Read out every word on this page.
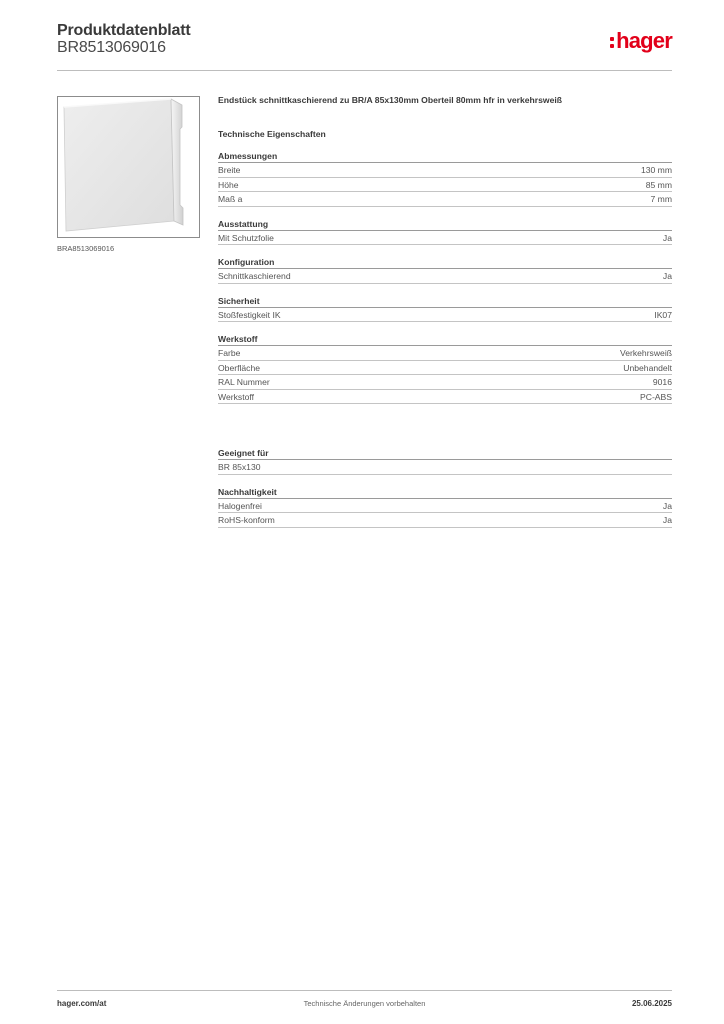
Produktdatenblatt
BR8513069016	hager
BRA8513069016
Endstück schnittkaschierend zu BR/A 85x130mm Oberteil 80mm hfr in verkehrsweiß
Technische Eigenschaften
Abmessungen
Breite	130 mm
Höhe	85 mm
Maß a	7 mm
Ausstattung
Mit Schutzfolie	Ja
Konfiguration
Schnittkaschierend	Ja
Sicherheit
Stoßfestigkeit IK	IK07
Werkstoff
Farbe	Verkehrsweiß
Oberfläche	Unbehandelt
RAL Nummer	9016
Werkstoff	PC-ABS
Geeignet für
BR 85x130
Nachhaltigkeit
Halogenfrei	Ja
RoHS-konform	Ja
Technische Änderungen vorbehalten
hager.com/at	25.06.2025
